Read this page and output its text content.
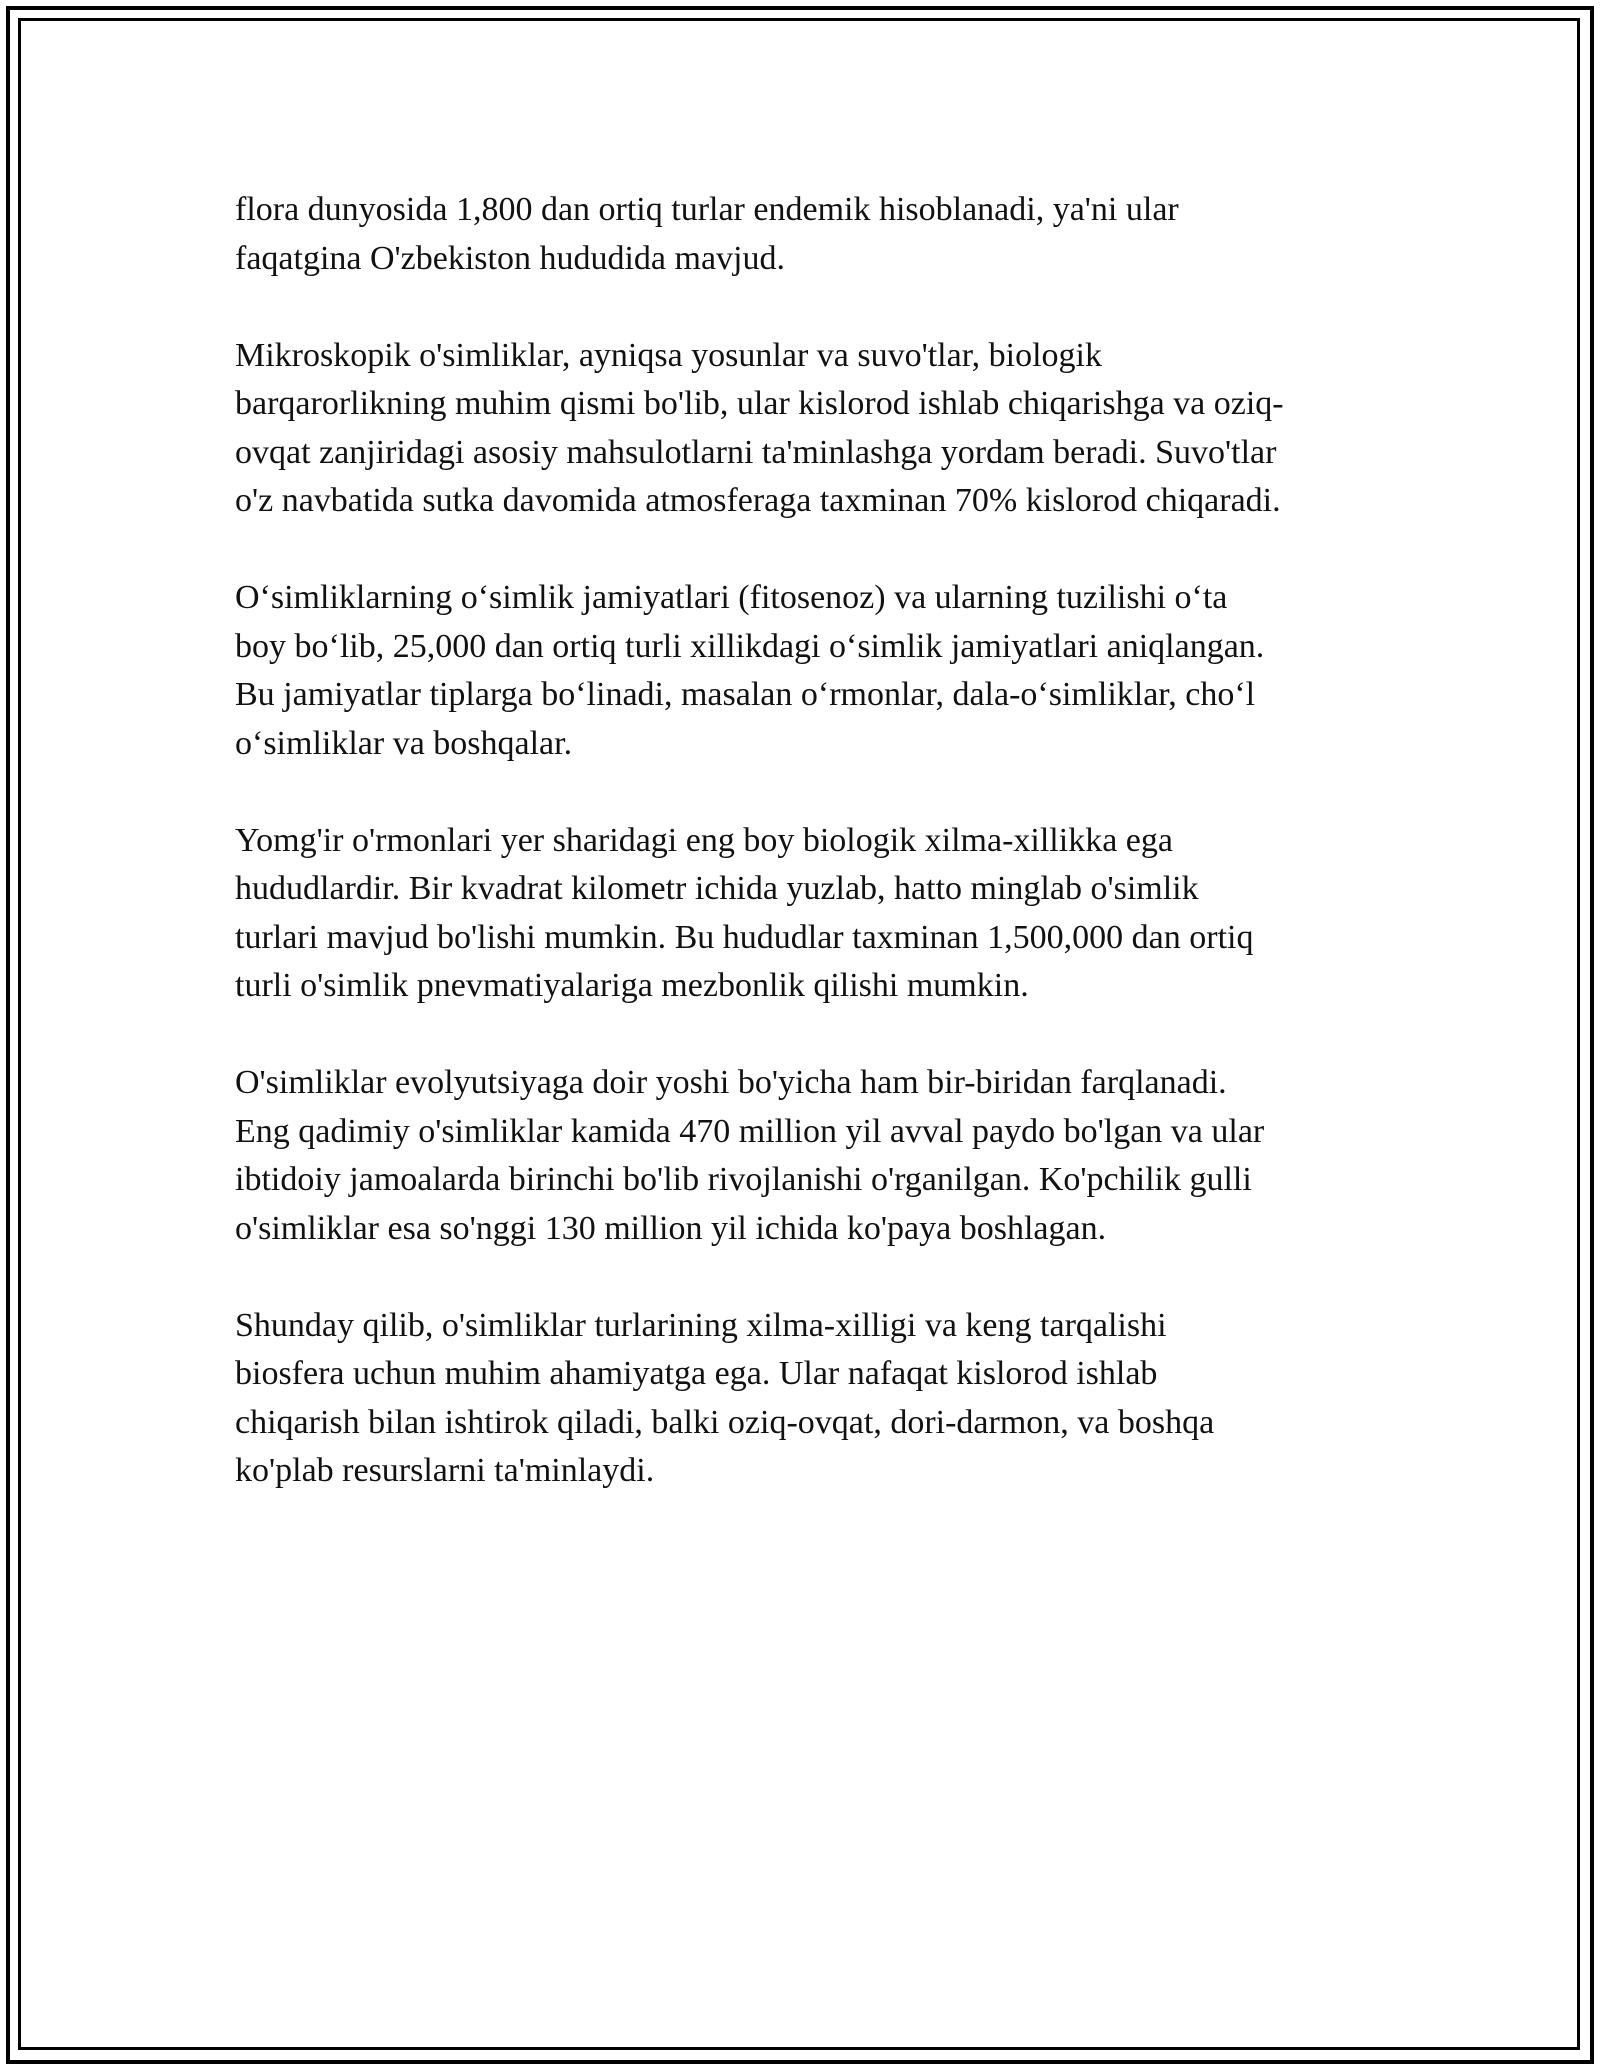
flora dunyosida 1,800 dan ortiq turlar endemik hisoblanadi, ya'ni ular
faqatgina O'zbekiston hududida mavjud.

Mikroskopik o'simliklar, ayniqsa yosunlar va suvo'tlar, biologik
barqarorlikning muhim qismi bo'lib, ular kislorod ishlab chiqarishga va oziq-
ovqat zanjiridagi asosiy mahsulotlarni ta'minlashga yordam beradi. Suvo'tlar
o'z navbatida sutka davomida atmosferaga taxminan 70% kislorod chiqaradi.

O‘simliklarning o‘simlik jamiyatlari (fitosenoz) va ularning tuzilishi o‘ta
boy bo‘lib, 25,000 dan ortiq turli xillikdagi o‘simlik jamiyatlari aniqlangan.
Bu jamiyatlar tiplarga bo‘linadi, masalan o‘rmonlar, dala-o‘simliklar, cho‘l
o‘simliklar va boshqalar.

Yomg'ir o'rmonlari yer sharidagi eng boy biologik xilma-xillikka ega
hududlardir. Bir kvadrat kilometr ichida yuzlab, hatto minglab o'simlik
turlari mavjud bo'lishi mumkin. Bu hududlar taxminan 1,500,000 dan ortiq
turli o'simlik pnevmatiyalariga mezbonlik qilishi mumkin.

O'simliklar evolyutsiyaga doir yoshi bo'yicha ham bir-biridan farqlanadi.
Eng qadimiy o'simliklar kamida 470 million yil avval paydo bo'lgan va ular
ibtidoiy jamoalarda birinchi bo'lib rivojlanishi o'rganilgan. Ko'pchilik gulli
o'simliklar esa so'nggi 130 million yil ichida ko'paya boshlagan.

Shunday qilib, o'simliklar turlarining xilma-xilligi va keng tarqalishi
biosfera uchun muhim ahamiyatga ega. Ular nafaqat kislorod ishlab
chiqarish bilan ishtirok qiladi, balki oziq-ovqat, dori-darmon, va boshqa
ko'plab resurslarni ta'minlaydi.
